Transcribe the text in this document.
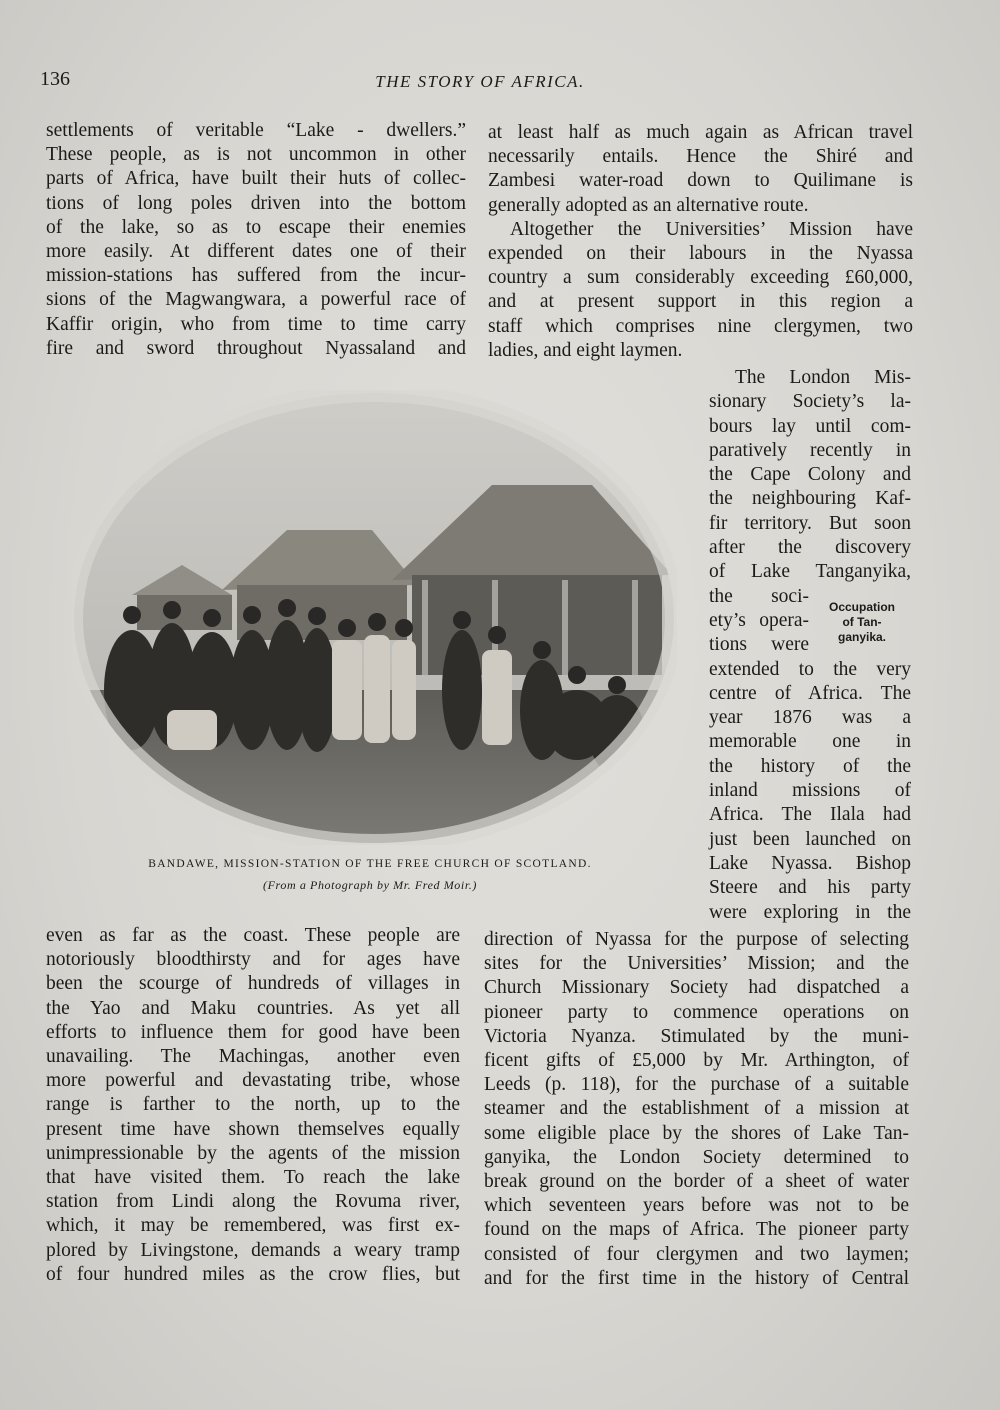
136	THE STORY OF AFRICA.
settlements of veritable “Lake - dwellers.”
These people, as is not uncommon in other
parts of Africa, have built their huts of collec-
tions of long poles driven into the bottom
of the lake, so as to escape their enemies
more easily. At different dates one of their
mission-stations has suffered from the incur-
sions of the Magwangwara, a powerful race of
Kaffir origin, who from time to time carry
fire and sword throughout Nyassaland and
at least half as much again as African travel
necessarily entails. Hence the Shiré and
Zambesi water-road down to Quilimane is
generally adopted as an alternative route.
Altogether the Universities’ Mission have
expended on their labours in the Nyassa
country a sum considerably exceeding £60,000,
and at present support in this region a
staff which comprises nine clergymen, two
ladies, and eight laymen.
The London Mis-
sionary Society’s la-
bours lay until com-
paratively recently in
the Cape Colony and
the neighbouring Kaf-
fir territory. But soon
after the discovery
of Lake Tanganyika,
the soci-
ety’s opera-
tions were
extended to the very
centre of Africa. The
year 1876 was a
memorable one in
the history of the
inland missions of
Africa. The Ilala had
just been launched on
Lake Nyassa. Bishop
Steere and his party
were exploring in the
Occupation
of Tan-
ganyika.
BANDAWE, MISSION-STATION OF THE FREE CHURCH OF SCOTLAND.
(From a Photograph by Mr. Fred Moir.)
even as far as the coast. These people are
notoriously bloodthirsty and for ages have
been the scourge of hundreds of villages in
the Yao and Maku countries. As yet all
efforts to influence them for good have been
unavailing. The Machingas, another even
more powerful and devastating tribe, whose
range is farther to the north, up to the
present time have shown themselves equally
unimpressionable by the agents of the mission
that have visited them. To reach the lake
station from Lindi along the Rovuma river,
which, it may be remembered, was first ex-
plored by Livingstone, demands a weary tramp
of four hundred miles as the crow flies, but
direction of Nyassa for the purpose of selecting
sites for the Universities’ Mission; and the
Church Missionary Society had dispatched a
pioneer party to commence operations on
Victoria Nyanza. Stimulated by the muni-
ficent gifts of £5,000 by Mr. Arthington, of
Leeds (p. 118), for the purchase of a suitable
steamer and the establishment of a mission at
some eligible place by the shores of Lake Tan-
ganyika, the London Society determined to
break ground on the border of a sheet of water
which seventeen years before was not to be
found on the maps of Africa. The pioneer party
consisted of four clergymen and two laymen;
and for the first time in the history of Central
